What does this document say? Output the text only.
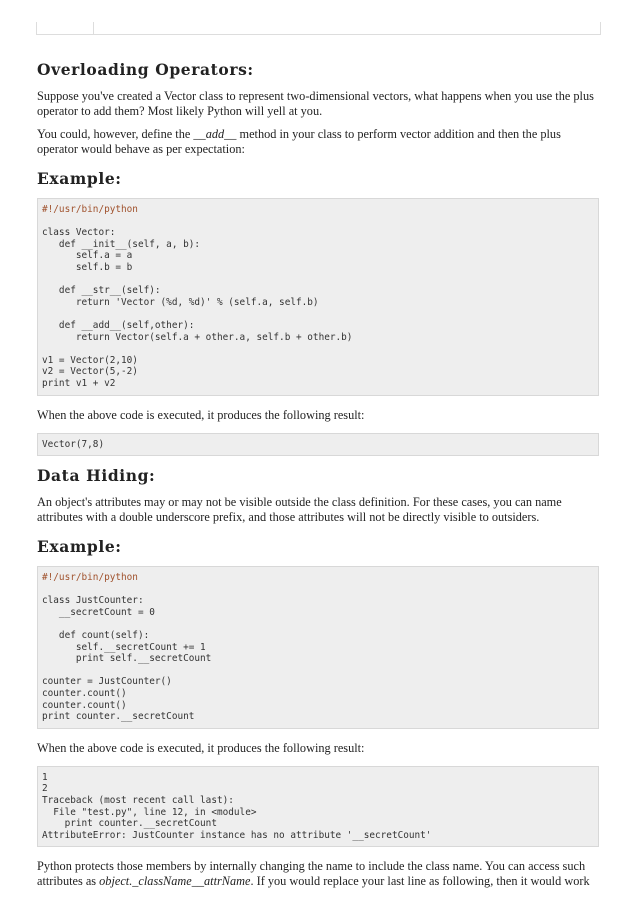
Overloading Operators:

Suppose you've created a Vector class to represent two-dimensional vectors, what happens when you use the plus operator to add them? Most likely Python will yell at you.

You could, however, define the __add__ method in your class to perform vector addition and then the plus operator would behave as per expectation:

Example:
#!/usr/bin/python
class Vector:
def __init__(self, a, b):
self.a = a
self.b = b
def __str__(self):
return 'Vector (%d, %d)' % (self.a, self.b)
def __add__(self,other):
return Vector(self.a + other.a, self.b + other.b)
v1 = Vector(2,10)
v2 = Vector(5,-2)
print v1 + v2

When the above code is executed, it produces the following result:

Vector(7,8)
Data Hiding:

An object's attributes may or may not be visible outside the class definition. For these cases, you can name attributes with a double underscore prefix, and those attributes will not be directly visible to outsiders.

Example:
#!/usr/bin/python
class JustCounter:
__secretCount = 0
def count(self):
self.__secretCount += 1
print self.__secretCount
counter = JustCounter()
counter.count()
counter.count()
print counter.__secretCount

When the above code is executed, it produces the following result:

1
2
Traceback (most recent call last):
File "test.py", line 12, in <module>
print counter.__secretCount
AttributeError: JustCounter instance has no attribute '__secretCount'

Python protects those members by internally changing the name to include the class name. You can access such attributes as object._className__attrName. If you would replace your last line as following, then it would work
